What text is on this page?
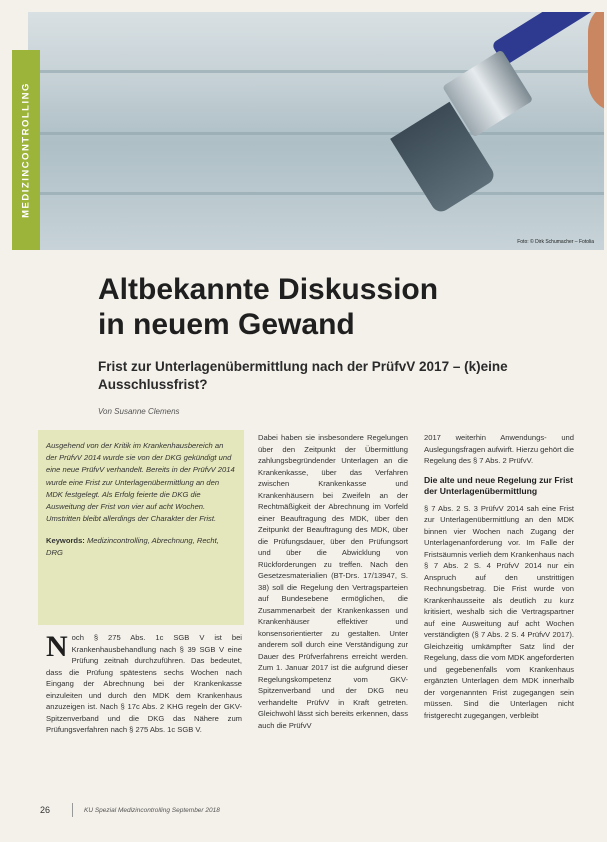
Foto: © Dirk Schumacher – Fotolia
MEDIZINCONTROLLING
Altbekannte Diskussion
in neuem Gewand
Frist zur Unterlagenübermittlung nach der PrüfvV 2017 – (k)eine Ausschlussfrist?
Von Susanne Clemens
Ausgehend von der Kritik im Krankenhausbereich an der PrüfvV 2014 wurde sie von der DKG gekündigt und eine neue PrüfvV verhandelt. Bereits in der PrüfvV 2014 wurde eine Frist zur Unterlagenübermittlung an den MDK festgelegt. Als Erfolg feierte die DKG die Ausweitung der Frist von vier auf acht Wochen. Umstritten bleibt allerdings der Charakter der Frist.
Keywords: Medizincontrolling, Abrechnung, Recht, DRG
N och § 275 Abs. 1c SGB V ist bei Krankenhausbehandlung nach § 39 SGB V eine Prüfung zeitnah durchzuführen. Das bedeutet, dass die Prüfung spätestens sechs Wochen nach Eingang der Abrechnung bei der Krankenkasse einzuleiten und durch den MDK dem Krankenhaus anzuzeigen ist. Nach § 17c Abs. 2 KHG regeln der GKV-Spitzenverband und die DKG das Nähere zum Prüfungsverfahren nach § 275 Abs. 1c SGB V.
Dabei haben sie insbesondere Regelungen über den Zeitpunkt der Übermittlung zahlungsbegründender Unterlagen an die Krankenkasse, über das Verfahren zwischen Krankenkasse und Krankenhäusern bei Zweifeln an der Rechtmäßigkeit der Abrechnung im Vorfeld einer Beauftragung des MDK, über den Zeitpunkt der Beauftragung des MDK, über die Prüfungsdauer, über den Prüfungsort und über die Abwicklung von Rückforderungen zu treffen. Nach den Gesetzesmaterialien (BT-Drs. 17/13947, S. 38) soll die Regelung den Vertragsparteien auf Bundesebene ermöglichen, die Zusammenarbeit der Krankenkassen und Krankenhäuser effektiver und konsensorientierter zu gestalten. Unter anderem soll durch eine Verständigung zur Dauer des Prüfverfahrens erreicht werden. Zum 1. Januar 2017 ist die aufgrund dieser Regelungskompetenz vom GKV-Spitzenverband und der DKG neu verhandelte PrüfvV in Kraft getreten. Gleichwohl lässt sich bereits erkennen, dass auch die PrüfvV
2017 weiterhin Anwendungs- und Auslegungsfragen aufwirft. Hierzu gehört die Regelung des § 7 Abs. 2 PrüfvV.
Die alte und neue Regelung zur Frist der Unterlagenübermittlung
§ 7 Abs. 2 S. 3 PrüfvV 2014 sah eine Frist zur Unterlagenübermittlung an den MDK binnen vier Wochen nach Zugang der Unterlagenanforderung vor. Im Falle der Fristsäumnis verlieh dem Krankenhaus nach § 7 Abs. 2 S. 4 PrüfvV 2014 nur ein Anspruch auf den unstrittigen Rechnungsbetrag. Die Frist wurde von Krankenhausseite als deutlich zu kurz kritisiert, weshalb sich die Vertragspartner auf eine Ausweitung auf acht Wochen verständigten (§ 7 Abs. 2 S. 4 PrüfvV 2017). Gleichzeitig umkämpfter Satz lind der Regelung, dass die vom MDK angeforderten und gegebenenfalls vom Krankenhaus ergänzten Unterlagen dem MDK innerhalb der vorgenannten Frist zugegangen sein müssen. Sind die Unterlagen nicht fristgerecht zugegangen, verbleibt
26	KU Spezial Medizincontrolling September 2018
